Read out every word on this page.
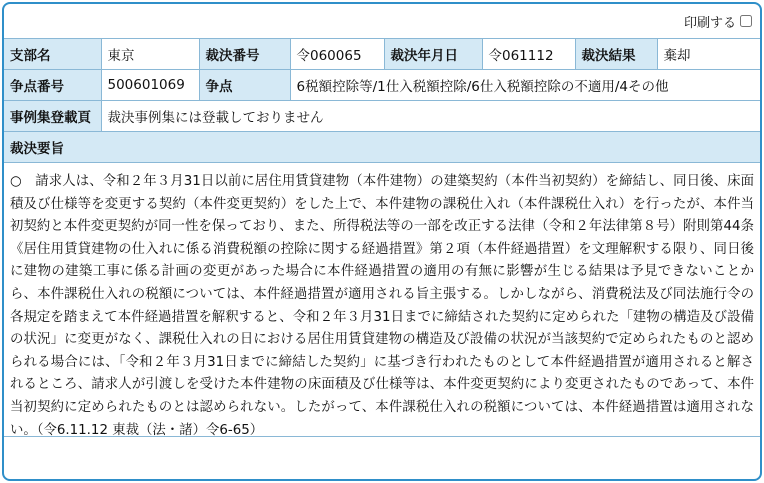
印刷する
支部名	東京	裁決番号	令060065	裁決年月日	令061112	裁決結果	棄却
争点番号	500601069	争点	6税額控除等/1仕入税額控除/6仕入税額控除の不適用/4その他				
事例集登載頁	裁決事例集には登載しておりません						
裁決要旨
○　請求人は、令和２年３月31日以前に居住用賃貸建物（本件建物）の建築契約（本件当初契約）を締結し、同日後、床面積及び仕様等を変更する契約（本件変更契約）をした上で、本件建物の課税仕入れ（本件課税仕入れ）を行ったが、本件当初契約と本件変更契約が同一性を保っており、また、所得税法等の一部を改正する法律（令和２年法律第８号）附則第44条《居住用賃貸建物の仕入れに係る消費税額の控除に関する経過措置》第２項（本件経過措置）を文理解釈する限り、同日後に建物の建築工事に係る計画の変更があった場合に本件経過措置の適用の有無に影響が生じる結果は予見できないことから、本件課税仕入れの税額については、本件経過措置が適用される旨主張する。しかしながら、消費税法及び同法施行令の各規定を踏まえて本件経過措置を解釈すると、令和２年３月31日までに締結された契約に定められた「建物の構造及び設備の状況」に変更がなく、課税仕入れの日における居住用賃貸建物の構造及び設備の状況が当該契約で定められたものと認められる場合には、「令和２年３月31日までに締結した契約」に基づき行われたものとして本件経過措置が適用されると解されるところ、請求人が引渡しを受けた本件建物の床面積及び仕様等は、本件変更契約により変更されたものであって、本件当初契約に定められたものとは認められない。したがって、本件課税仕入れの税額については、本件経過措置は適用されない。（令6.11.12 東裁（法・諸）令6-65）
